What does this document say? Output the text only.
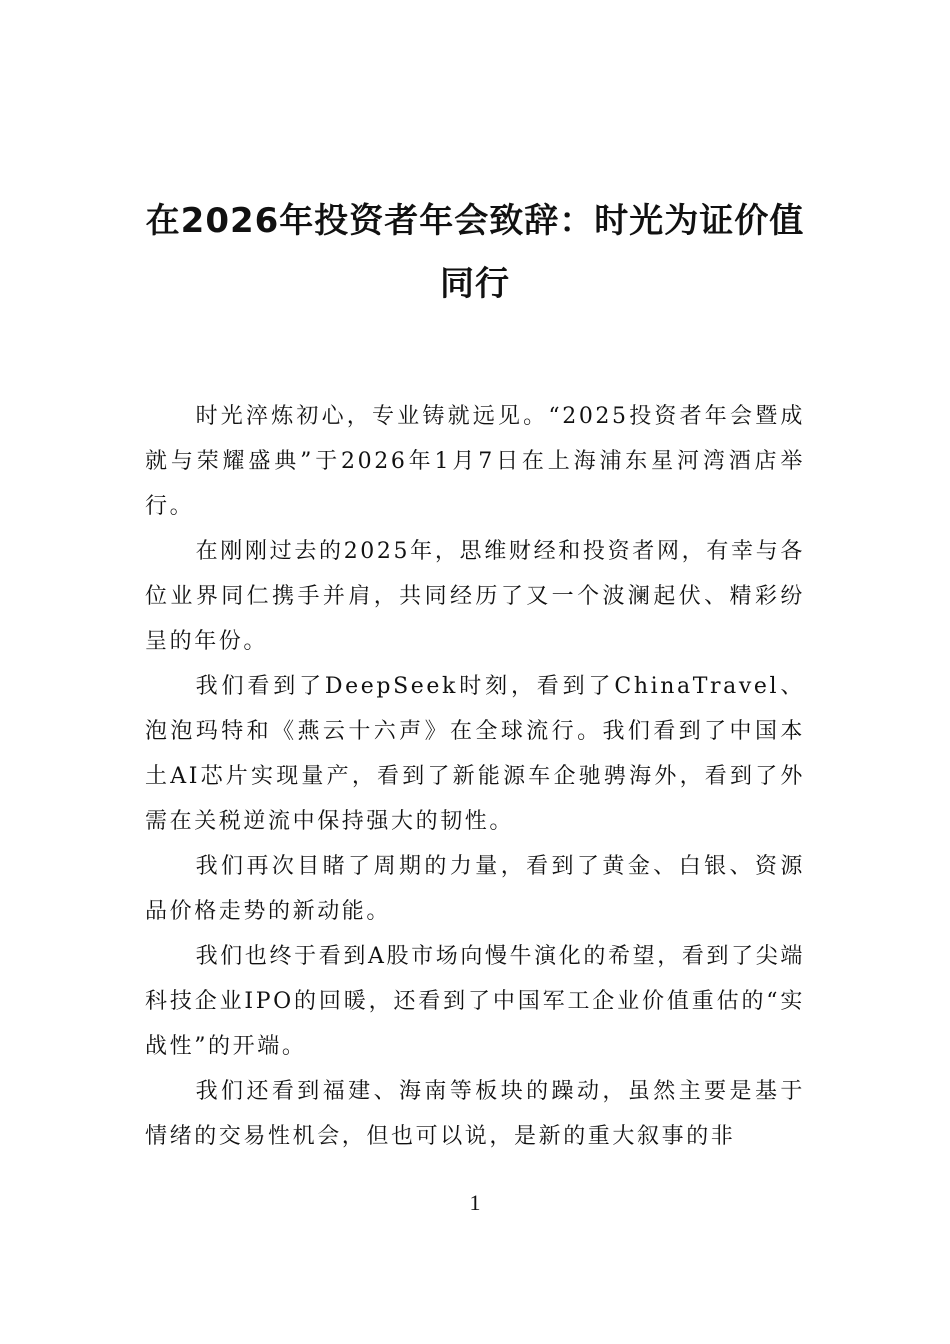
在2026年投资者年会致辞：时光为证价值同行

时光淬炼初心，专业铸就远见。“2025投资者年会暨成就与荣耀盛典”于2026年1月7日在上海浦东星河湾酒店举行。

在刚刚过去的2025年，思维财经和投资者网，有幸与各位业界同仁携手并肩，共同经历了又一个波澜起伏、精彩纷呈的年份。

我们看到了DeepSeek时刻，看到了ChinaTravel、泡泡玛特和《燕云十六声》在全球流行。我们看到了中国本土AI芯片实现量产，看到了新能源车企驰骋海外，看到了外需在关税逆流中保持强大的韧性。

我们再次目睹了周期的力量，看到了黄金、白银、资源品价格走势的新动能。

我们也终于看到A股市场向慢牛演化的希望，看到了尖端科技企业IPO的回暖，还看到了中国军工企业价值重估的“实战性”的开端。

我们还看到福建、海南等板块的躁动，虽然主要是基于情绪的交易性机会，但也可以说，是新的重大叙事的非

1
